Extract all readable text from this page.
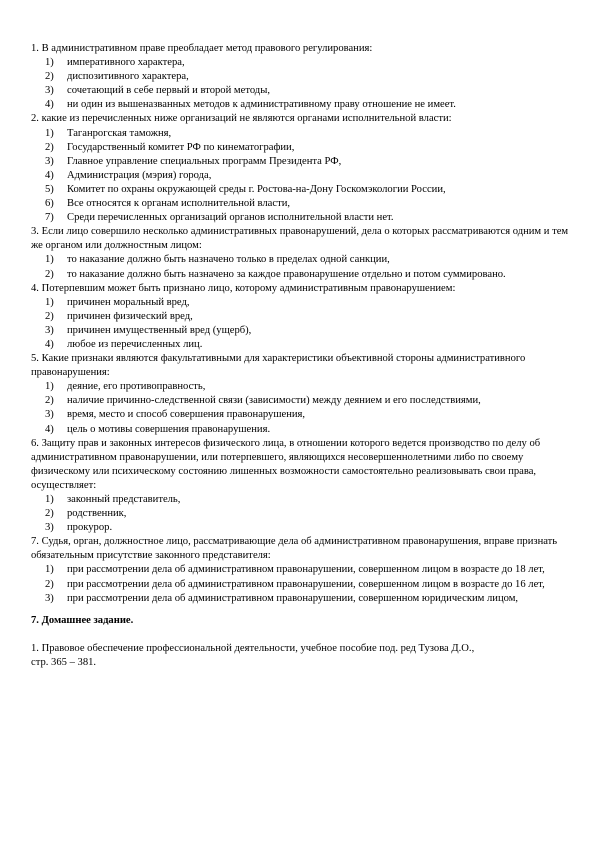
1. В административном праве преобладает метод правового регулирования:
1) императивного характера,
2) диспозитивного характера,
3) сочетающий в себе первый и второй методы,
4) ни один из вышеназванных методов к административному праву отношение не имеет.
2. какие из перечисленных ниже организаций не являются органами исполнительной власти:
1) Таганрогская таможня,
2) Государственный комитет РФ по кинематографии,
3) Главное управление специальных программ Президента РФ,
4) Администрация (мэрия) города,
5) Комитет по охраны окружающей среды г. Ростова-на-Дону Госкомэкологии России,
6) Все относятся к органам исполнительной власти,
7) Среди перечисленных организаций органов исполнительной власти нет.
3. Если лицо совершило несколько административных правонарушений, дела о которых рассматриваются одним и тем же органом или должностным лицом:
1) то наказание должно быть назначено только в пределах одной санкции,
2) то наказание должно быть назначено за каждое правонарушение отдельно и потом суммировано.
4. Потерпевшим может быть признано лицо, которому административным правонарушением:
1) причинен моральный вред,
2) причинен физический вред,
3) причинен имущественный вред (ущерб),
4) любое из перечисленных лиц.
5. Какие признаки являются факультативными для характеристики объективной стороны административного правонарушения:
1) деяние, его противоправность,
2) наличие причинно-следственной связи (зависимости) между деянием и его последствиями,
3) время, место и способ совершения правонарушения,
4) цель о мотивы совершения правонарушения.
6. Защиту прав и законных интересов физического лица, в отношении которого ведется производство по делу об административном правонарушении, или потерпевшего, являющихся несовершеннолетними либо по своему физическому или психическому состоянию лишенных возможности самостоятельно реализовывать свои права, осуществляет:
1) законный представитель,
2) родственник,
3) прокурор.
7. Судья, орган, должностное лицо, рассматривающие дела об административном правонарушения, вправе признать обязательным присутствие законного представителя:
1) при рассмотрении дела об административном правонарушении, совершенном лицом в возрасте до 18 лет,
2) при рассмотрении дела об административном правонарушении, совершенном лицом в возрасте до 16 лет,
3) при рассмотрении дела об административном правонарушении, совершенном юридическим лицом,
7. Домашнее задание.
1. Правовое обеспечение профессиональной деятельности, учебное пособие под. ред Тузова Д.О.,
стр. 365 – 381.
